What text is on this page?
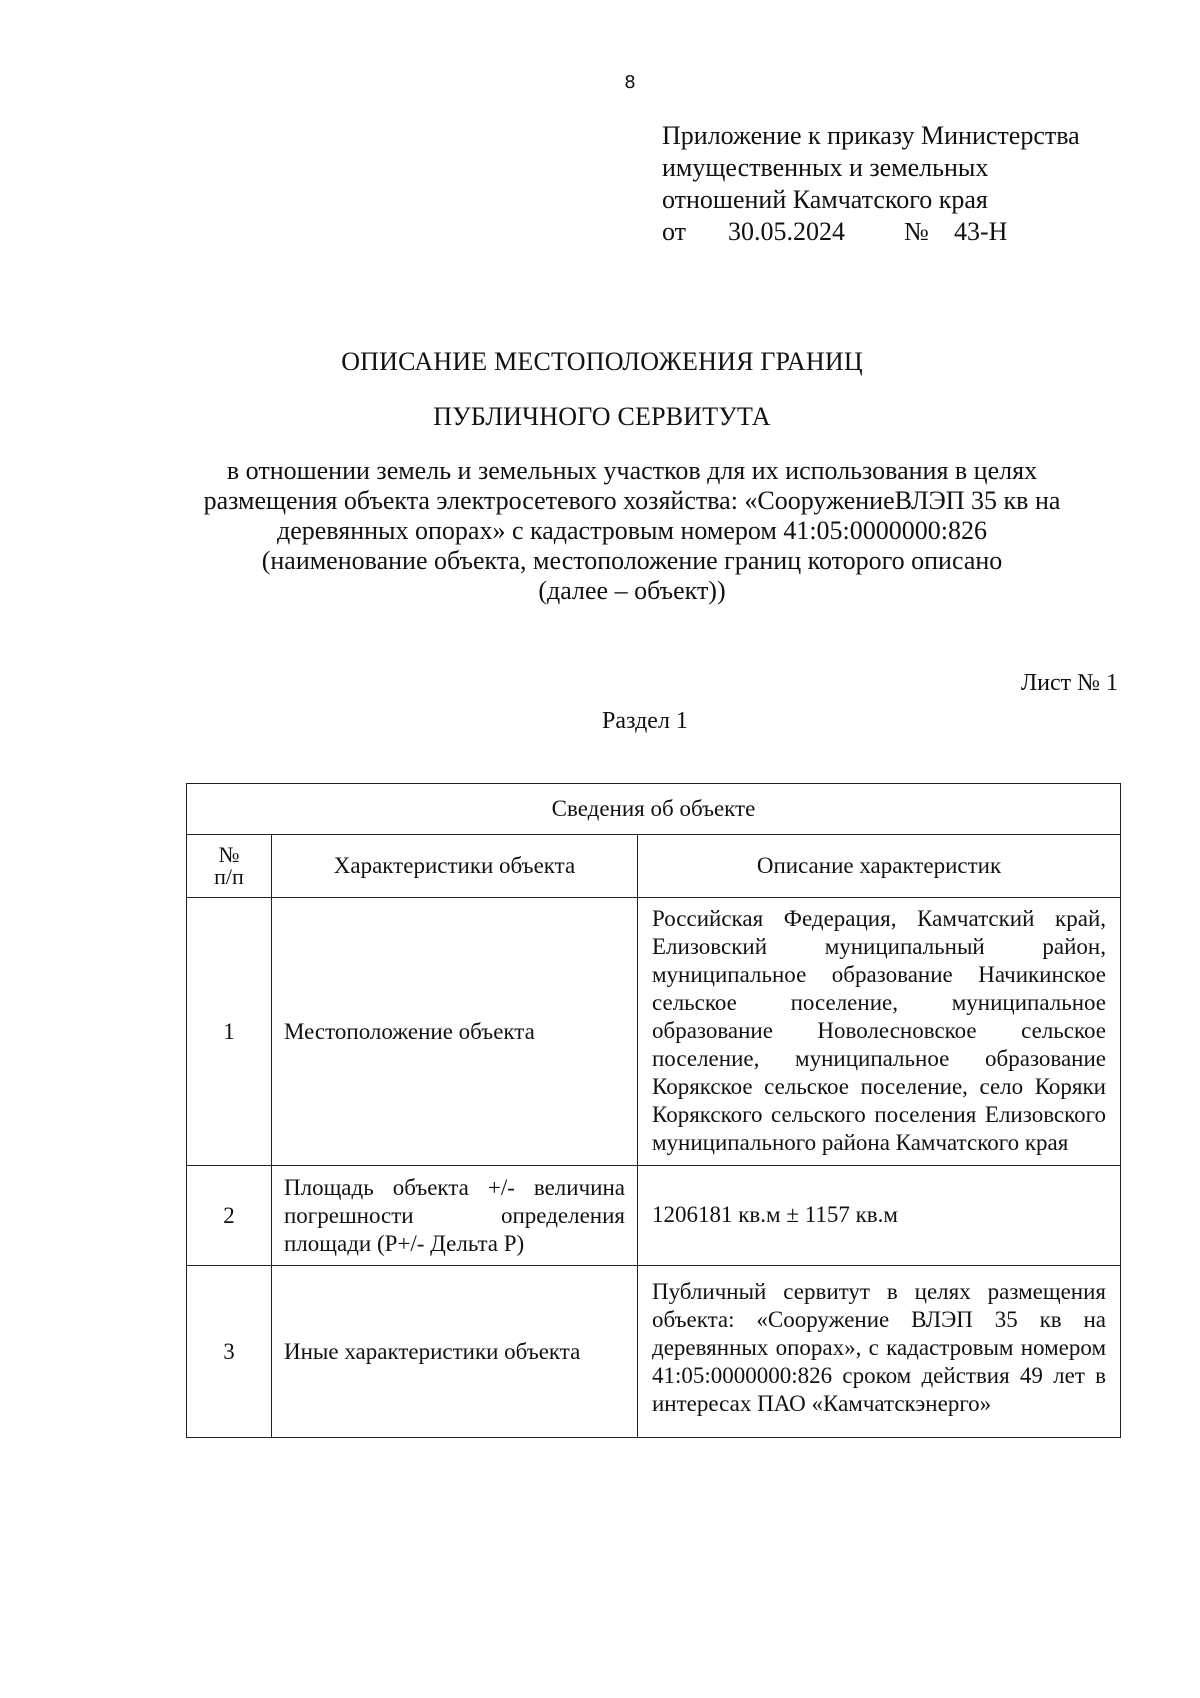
8
Приложение к приказу Министерства
имущественных и земельных
отношений Камчатского края
от	30.05.2024	№ 43-Н
ОПИСАНИЕ МЕСТОПОЛОЖЕНИЯ ГРАНИЦ
ПУБЛИЧНОГО СЕРВИТУТА
в отношении земель и земельных участков для их использования в целях
размещения объекта электросетевого хозяйства: «СооружениеВЛЭП 35 кв на
деревянных опорах» с кадастровым номером 41:05:0000000:826
(наименование объекта, местоположение границ которого описано
(далее – объект))
Лист № 1
Раздел 1
Сведения об объекте		
№
п/п	Характеристики объекта	Описание характеристик
1	Местоположение объекта	Российская Федерация, Камчатский край, Елизовский муниципальный район, муниципальное образование Начикинское сельское поселение, муниципальное образование Новолесновское сельское поселение, муниципальное образование Корякское сельское поселение, село Коряки Корякского сельского поселения Елизовского муниципального района Камчатского края
2	Площадь объекта +/- величина погрешности определения площади (Р+/- Дельта Р)	1206181 кв.м ± 1157 кв.м
3	Иные характеристики объекта	Публичный сервитут в целях размещения объекта: «Сооружение ВЛЭП 35 кв на деревянных опорах», с кадастровым номером 41:05:0000000:826 сроком действия 49 лет в интересах ПАО «Камчатскэнерго»
